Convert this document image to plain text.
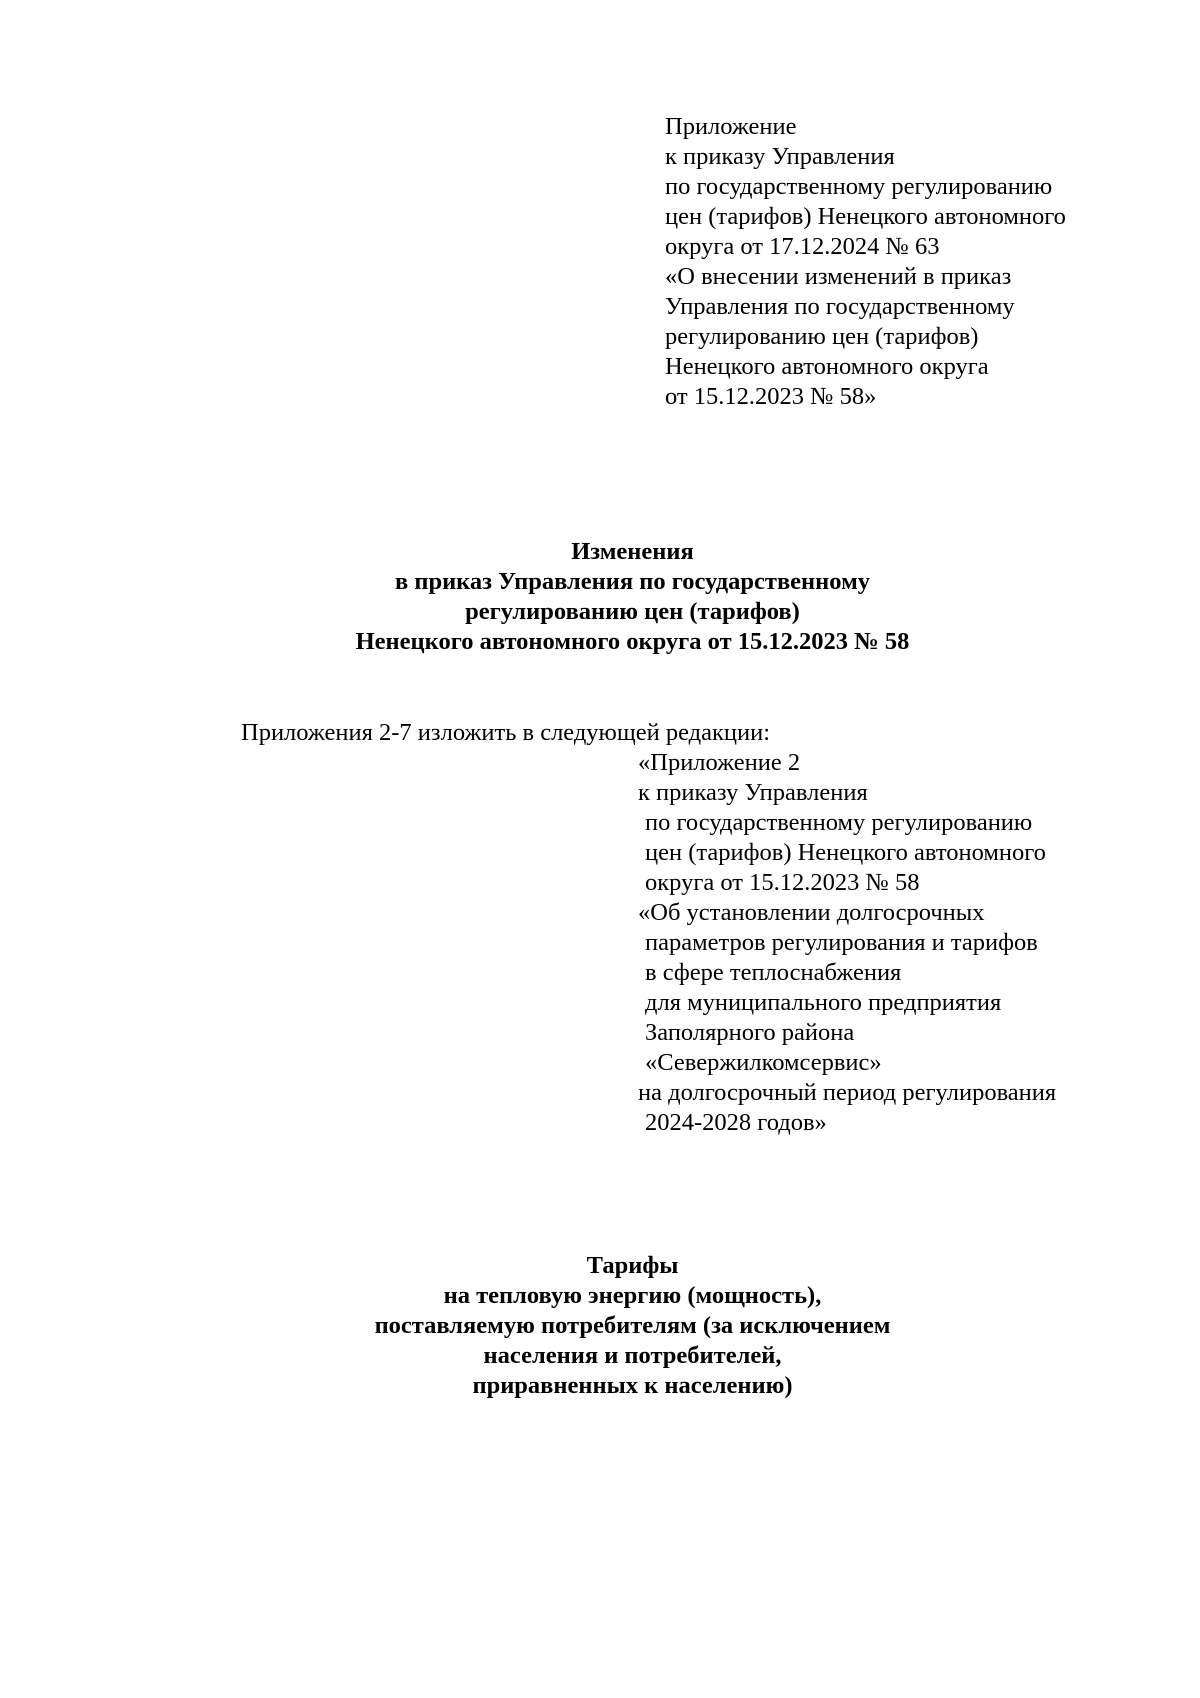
Приложение
к приказу Управления
по государственному регулированию
цен (тарифов) Ненецкого автономного
округа от 17.12.2024 № 63
«О внесении изменений в приказ
Управления по государственному
регулированию цен (тарифов)
Ненецкого автономного округа
от 15.12.2023 № 58»
Изменения
в приказ Управления по государственному
регулированию цен (тарифов)
Ненецкого автономного округа от 15.12.2023 № 58
Приложения 2-7 изложить в следующей редакции:
«Приложение 2
к приказу Управления
по государственному регулированию
цен (тарифов) Ненецкого автономного
округа от 15.12.2023 № 58
«Об установлении долгосрочных
параметров регулирования и тарифов
в сфере теплоснабжения
для муниципального предприятия
Заполярного района
«Севержилкомсервис»
на долгосрочный период регулирования
2024-2028 годов»
Тарифы
на тепловую энергию (мощность),
поставляемую потребителям (за исключением
населения и потребителей,
приравненных к населению)
